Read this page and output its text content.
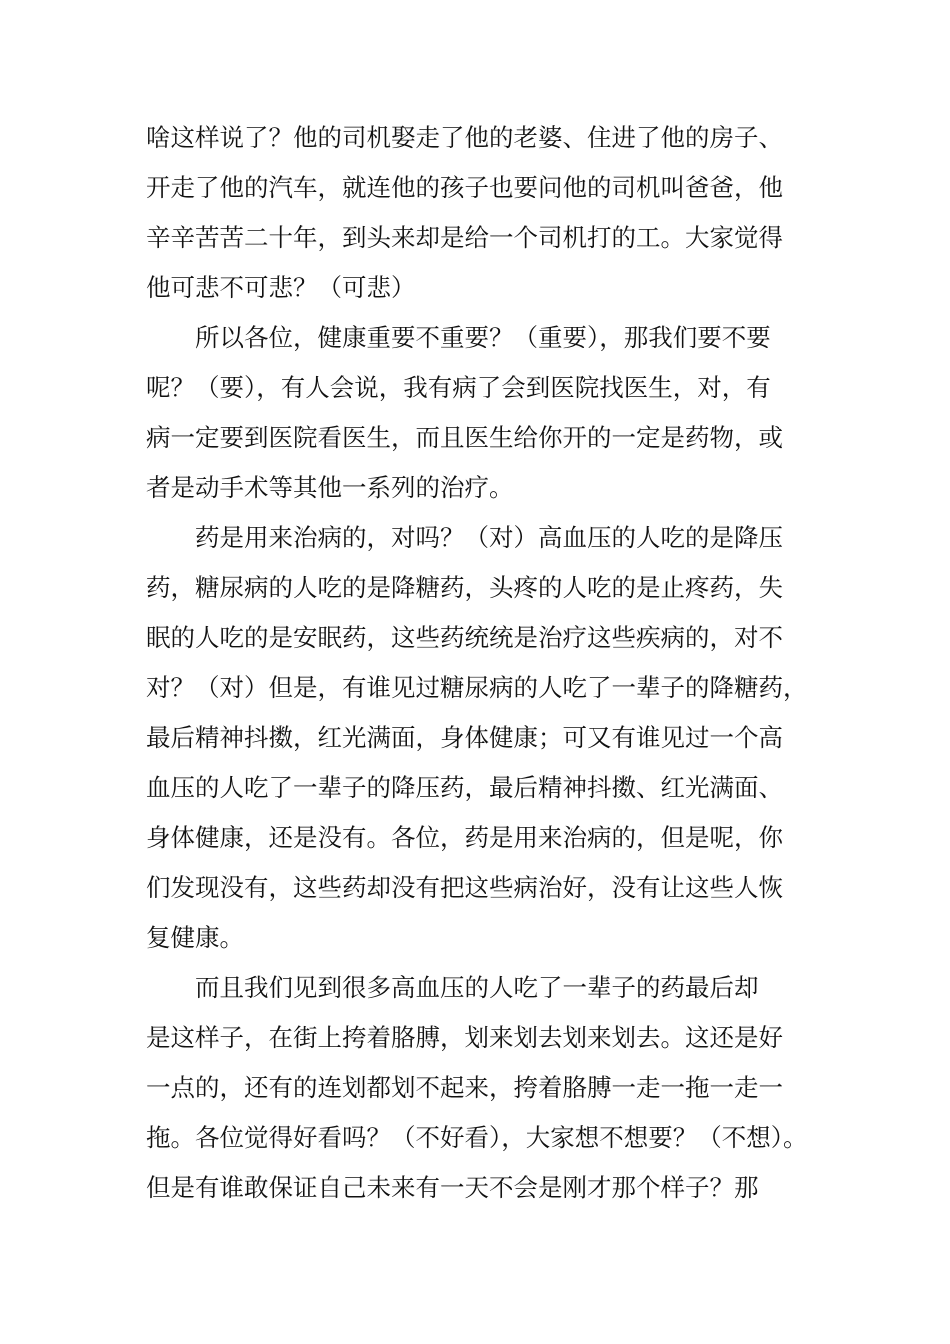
啥这样说了？他的司机娶走了他的老婆、住进了他的房子、
开走了他的汽车，就连他的孩子也要问他的司机叫爸爸，他
辛辛苦苦二十年，到头来却是给一个司机打的工。大家觉得
他可悲不可悲？（可悲）
所以各位，健康重要不重要？（重要），那我们要不要
呢？（要），有人会说，我有病了会到医院找医生，对，有
病一定要到医院看医生，而且医生给你开的一定是药物，或
者是动手术等其他一系列的治疗。
药是用来治病的，对吗？（对）高血压的人吃的是降压
药，糖尿病的人吃的是降糖药，头疼的人吃的是止疼药，失
眠的人吃的是安眠药，这些药统统是治疗这些疾病的，对不
对？（对）但是，有谁见过糖尿病的人吃了一辈子的降糖药，
最后精神抖擞，红光满面，身体健康；可又有谁见过一个高
血压的人吃了一辈子的降压药，最后精神抖擞、红光满面、
身体健康，还是没有。各位，药是用来治病的，但是呢，你
们发现没有，这些药却没有把这些病治好，没有让这些人恢
复健康。
而且我们见到很多高血压的人吃了一辈子的药最后却
是这样子，在街上挎着胳膊，划来划去划来划去。这还是好
一点的，还有的连划都划不起来，挎着胳膊一走一拖一走一
拖。各位觉得好看吗？（不好看），大家想不想要？（不想）。
但是有谁敢保证自己未来有一天不会是刚才那个样子？那
